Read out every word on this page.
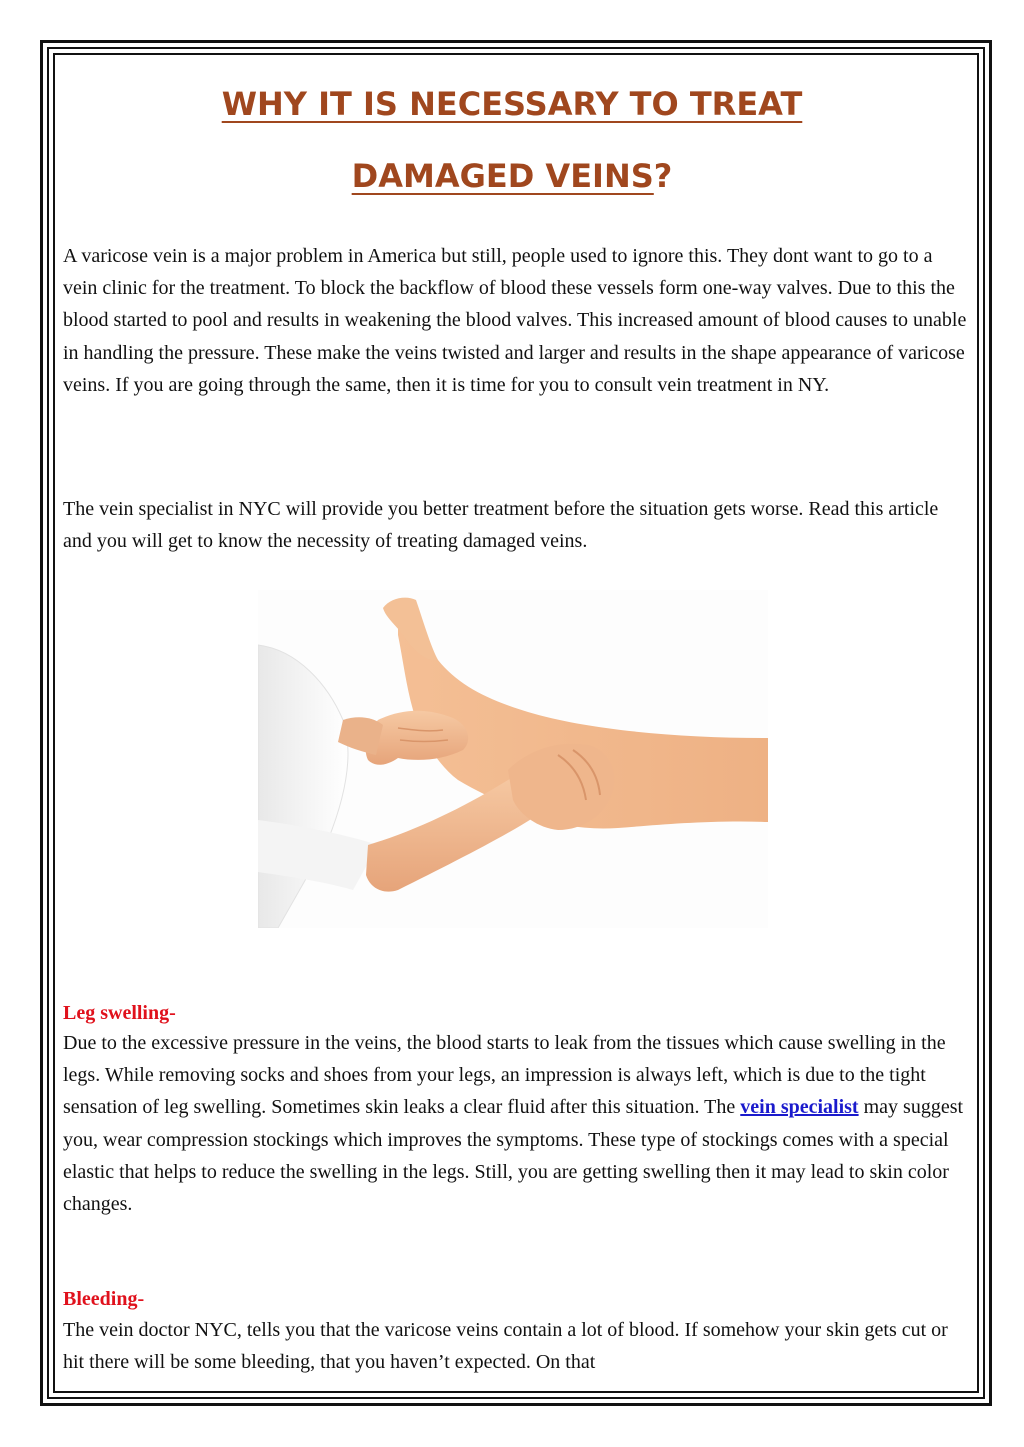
WHY IT IS NECESSARY TO TREAT
DAMAGED VEINS?

A varicose vein is a major problem in America but still, people used to ignore this. They dont want to go to a vein clinic for the treatment. To block the backflow of blood these vessels form one-way valves. Due to this the blood started to pool and results in weakening the blood valves. This increased amount of blood causes to unable in handling the pressure. These make the veins twisted and larger and results in the shape appearance of varicose veins. If you are going through the same, then it is time for you to consult vein treatment in NY.

The vein specialist in NYC will provide you better treatment before the situation gets worse. Read this article and you will get to know the necessity of treating damaged veins.

Leg swelling-

Due to the excessive pressure in the veins, the blood starts to leak from the tissues which cause swelling in the legs. While removing socks and shoes from your legs, an impression is always left, which is due to the tight sensation of leg swelling. Sometimes skin leaks a clear fluid after this situation. The vein specialist may suggest you, wear compression stockings which improves the symptoms. These type of stockings comes with a special elastic that helps to reduce the swelling in the legs. Still, you are getting swelling then it may lead to skin color changes.

Bleeding-

The vein doctor NYC, tells you that the varicose veins contain a lot of blood. If somehow your skin gets cut or hit there will be some bleeding, that you haven’t expected. On that
